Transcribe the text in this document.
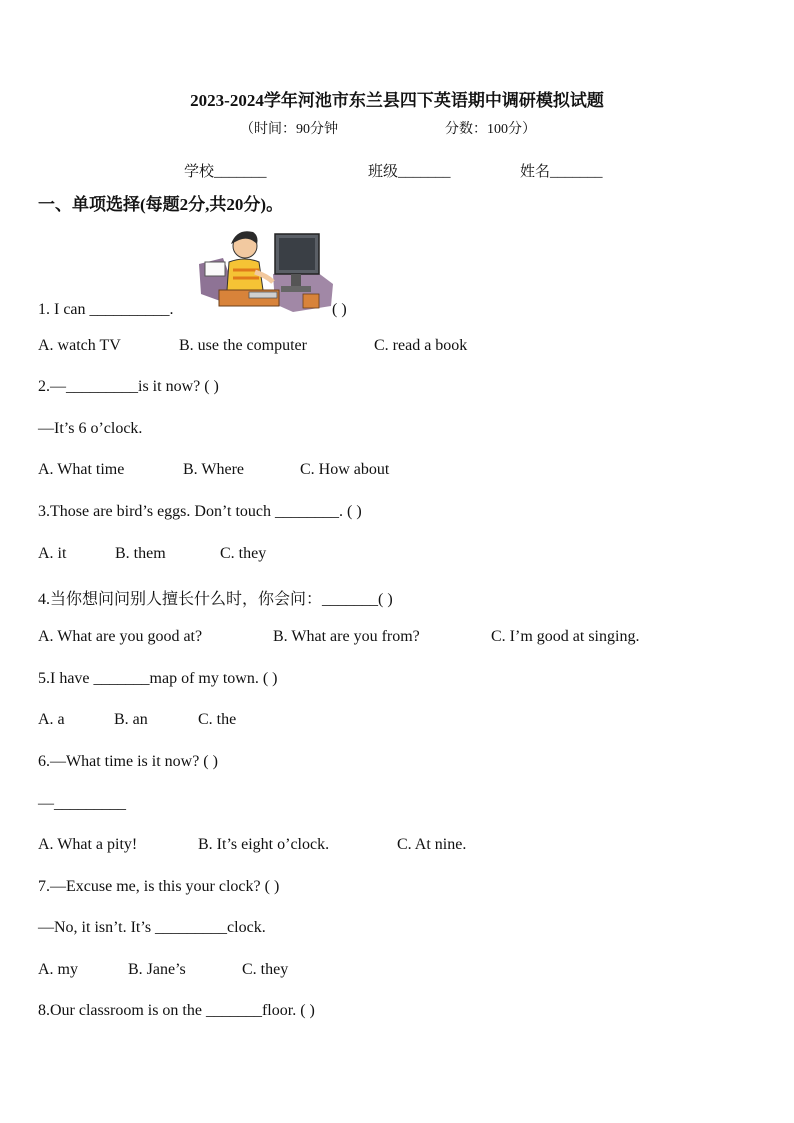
2023-2024学年河池市东兰县四下英语期中调研模拟试题
（时间：90分钟	分数：100分）
学校_______	班级_______	姓名_______
一、单项选择(每题2分,共20分)。
1. I can __________.	( )
A. watch TV	B. use the computer	C. read a book
2.—_________is it now? ( )
—It’s 6 o’clock.
A. What time	B. Where	C. How about
3.Those are bird’s eggs. Don’t touch ________. ( )
A. it	B. them	C. they
4.当你想问问别人擅长什么时，你会问：_______( )
A. What are you good at?	B. What are you from?	C. I’m good at singing.
5.I have _______map of my town. ( )
A. a	B. an	C. the
6.—What time is it now? ( )
—_________
A. What a pity!	B. It’s eight o’clock.	C. At nine.
7.—Excuse me, is this your clock? ( )
—No, it isn’t. It’s _________clock.
A. my	B. Jane’s	C. they
8.Our classroom is on the _______floor. ( )
